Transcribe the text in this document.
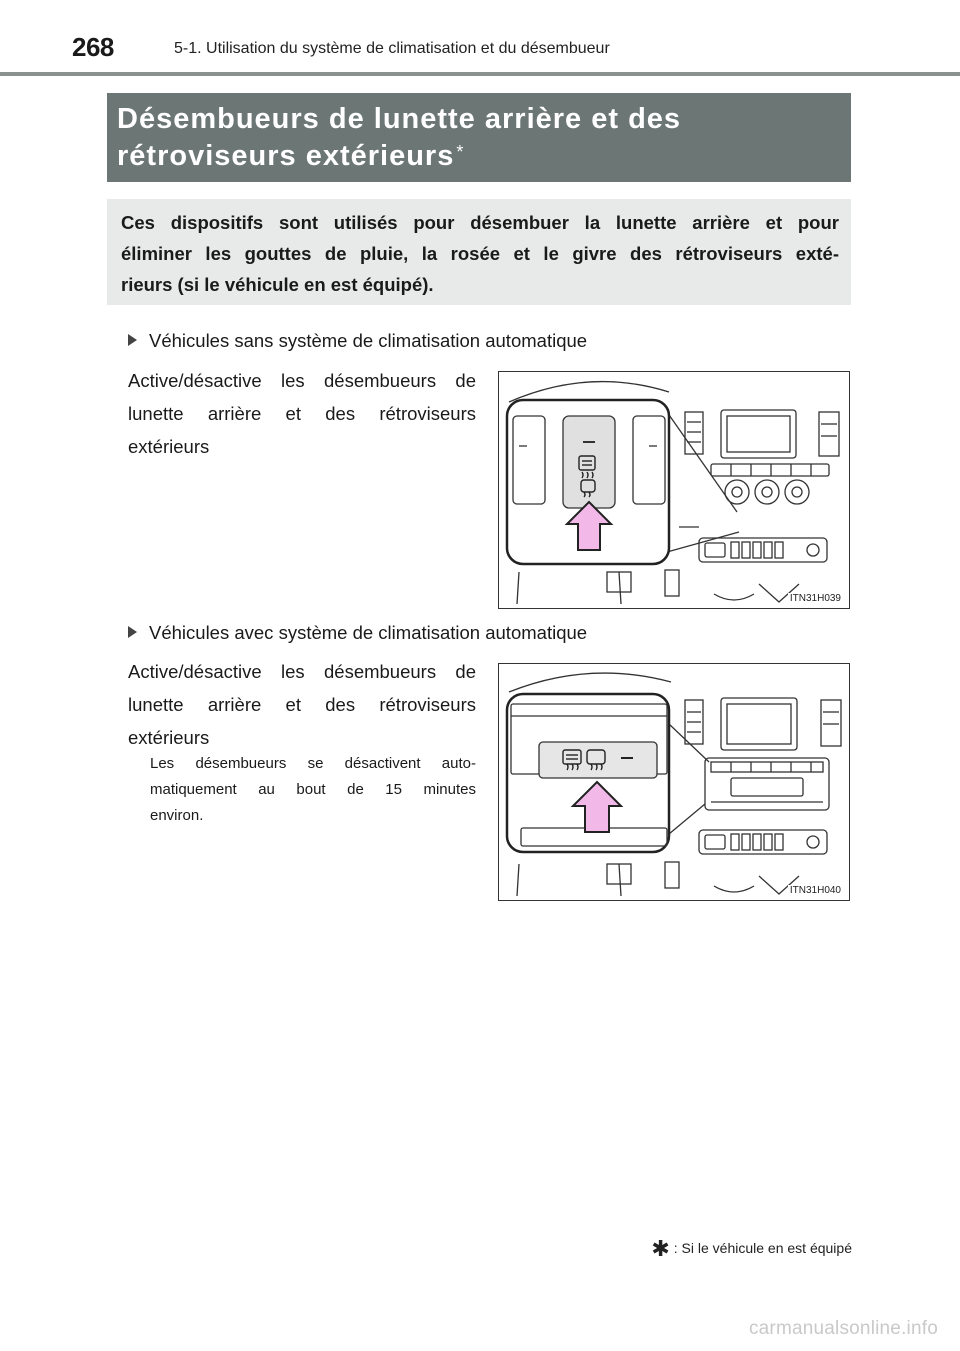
268	5-1. Utilisation du système de climatisation et du désembueur
Désembueurs de lunette arrière et des
rétroviseurs extérieurs *
Ces dispositifs sont utilisés pour désembuer la lunette arrière et pour
éliminer les gouttes de pluie, la rosée et le givre des rétroviseurs exté-
rieurs (si le véhicule en est équipé).
Véhicules sans système de climatisation automatique
Active/désactive les désembueurs de
lunette arrière et des rétroviseurs
extérieurs
ITN31H039
Véhicules avec système de climatisation automatique
Active/désactive les désembueurs de
lunette arrière et des rétroviseurs
extérieurs
Les désembueurs se désactivent auto-
matiquement au bout de 15 minutes
environ.
ITN31H040
✱ : Si le véhicule en est équipé
carmanualsonline.info
